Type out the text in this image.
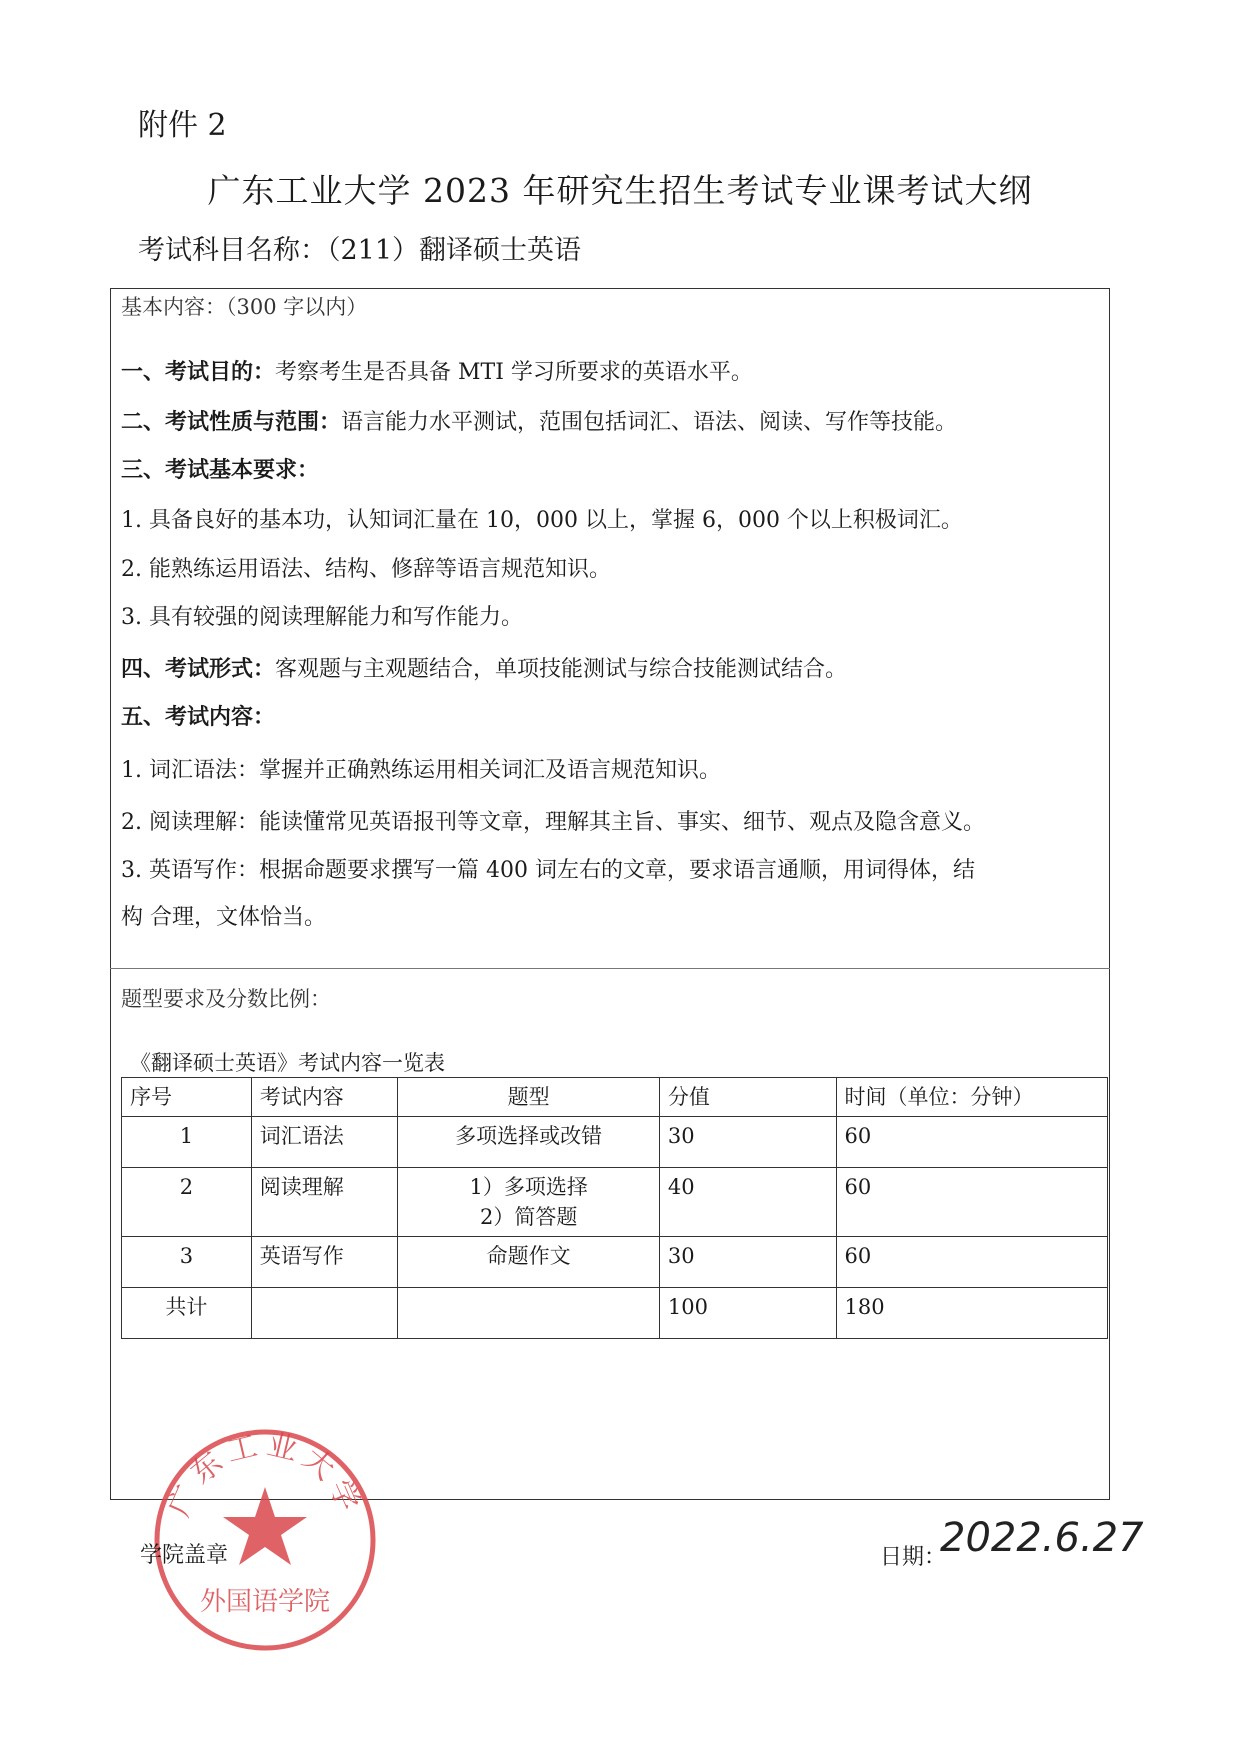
附件 2
广东工业大学 2023 年研究生招生考试专业课考试大纲
考试科目名称：（211）翻译硕士英语
基本内容：（300 字以内）
一、考试目的：考察考生是否具备 MTI 学习所要求的英语水平。
二、考试性质与范围：语言能力水平测试，范围包括词汇、语法、阅读、写作等技能。
三、考试基本要求：
1. 具备良好的基本功，认知词汇量在 10，000 以上，掌握 6，000 个以上积极词汇。
2. 能熟练运用语法、结构、修辞等语言规范知识。
3. 具有较强的阅读理解能力和写作能力。
四、考试形式：客观题与主观题结合，单项技能测试与综合技能测试结合。
五、考试内容：
1. 词汇语法：掌握并正确熟练运用相关词汇及语言规范知识。
2. 阅读理解：能读懂常见英语报刊等文章，理解其主旨、事实、细节、观点及隐含意义。
3. 英语写作：根据命题要求撰写一篇 400 词左右的文章，要求语言通顺，用词得体，结
构 合理，文体恰当。
题型要求及分数比例：
《翻译硕士英语》考试内容一览表
序号	考试内容	题型	分值	时间（单位：分钟）
1	词汇语法	多项选择或改错	30	60
2	阅读理解	1）多项选择
2）简答题	40	60
3	英语写作	命题作文	30	60
共计			100	180
广东工业大学
外国语学院
学院盖章	日期：
2022.6.27
